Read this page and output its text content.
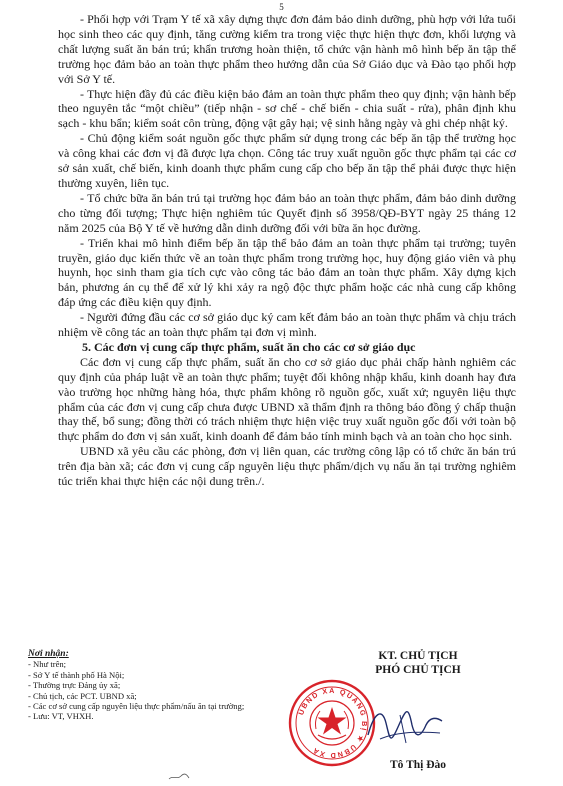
5

- Phối hợp với Trạm Y tế xã xây dựng thực đơn đảm bảo dinh dưỡng, phù hợp với lứa tuổi học sinh theo các quy định, tăng cường kiểm tra trong việc thực hiện thực đơn, khối lượng và chất lượng suất ăn bán trú; khẩn trương hoàn thiện, tổ chức vận hành mô hình bếp ăn tập thể trường học đảm bảo an toàn thực phẩm theo hướng dẫn của Sở Giáo dục và Đào tạo phối hợp với Sở Y tế.

- Thực hiện đầy đủ các điều kiện bảo đảm an toàn thực phẩm theo quy định; vận hành bếp theo nguyên tắc “một chiều” (tiếp nhận - sơ chế - chế biến - chia suất - rửa), phân định khu sạch - khu bẩn; kiểm soát côn trùng, động vật gây hại; vệ sinh hằng ngày và ghi chép nhật ký.

- Chủ động kiểm soát nguồn gốc thực phẩm sử dụng trong các bếp ăn tập thể trường học và công khai các đơn vị đã được lựa chọn. Công tác truy xuất nguồn gốc thực phẩm tại các cơ sở sản xuất, chế biến, kinh doanh thực phẩm cung cấp cho bếp ăn tập thể phải được thực hiện thường xuyên, liên tục.

- Tổ chức bữa ăn bán trú tại trường học đảm bảo an toàn thực phẩm, đảm bảo dinh dưỡng cho từng đối tượng; Thực hiện nghiêm túc Quyết định số 3958/QĐ-BYT ngày 25 tháng 12 năm 2025 của Bộ Y tế về hướng dẫn dinh dưỡng đối với bữa ăn học đường.

- Triển khai mô hình điểm bếp ăn tập thể bảo đảm an toàn thực phẩm tại trường; tuyên truyền, giáo dục kiến thức về an toàn thực phẩm trong trường học, huy động giáo viên và phụ huynh, học sinh tham gia tích cực vào công tác bảo đảm an toàn thực phẩm. Xây dựng kịch bản, phương án cụ thể để xử lý khi xảy ra ngộ độc thực phẩm hoặc các nhà cung cấp không đáp ứng các điều kiện quy định.

- Người đứng đầu các cơ sở giáo dục ký cam kết đảm bảo an toàn thực phẩm và chịu trách nhiệm về công tác an toàn thực phẩm tại đơn vị mình.

5. Các đơn vị cung cấp thực phẩm, suất ăn cho các cơ sở giáo dục

Các đơn vị cung cấp thực phẩm, suất ăn cho cơ sở giáo dục phải chấp hành nghiêm các quy định của pháp luật về an toàn thực phẩm; tuyệt đối không nhập khẩu, kinh doanh hay đưa vào trường học những hàng hóa, thực phẩm không rõ nguồn gốc, xuất xứ; nguyên liệu thực phẩm của các đơn vị cung cấp chưa được UBND xã thẩm định ra thông báo đồng ý chấp thuận thay thế, bổ sung; đồng thời có trách nhiệm thực hiện việc truy xuất nguồn gốc đối với toàn bộ thực phẩm do đơn vị sản xuất, kinh doanh để đảm bảo tính minh bạch và an toàn cho học sinh.

UBND xã yêu cầu các phòng, đơn vị liên quan, các trường công lập có tổ chức ăn bán trú trên địa bàn xã; các đơn vị cung cấp nguyên liệu thực phẩm/dịch vụ nấu ăn tại trường nghiêm túc triển khai thực hiện các nội dung trên./.

Nơi nhận:
- Như trên;
- Sở Y tế thành phố Hà Nội;
- Thường trực Đảng ủy xã;
- Chủ tịch, các PCT. UBND xã;
- Các cơ sở cung cấp nguyên liệu thực phẩm/nấu ăn tại trường;
- Lưu: VT, VHXH.
KT. CHỦ TỊCH
PHÓ CHỦ TỊCH
Tô Thị Đào
UBND XÃ QUẢNG BỊ ★ UBND XÃ
